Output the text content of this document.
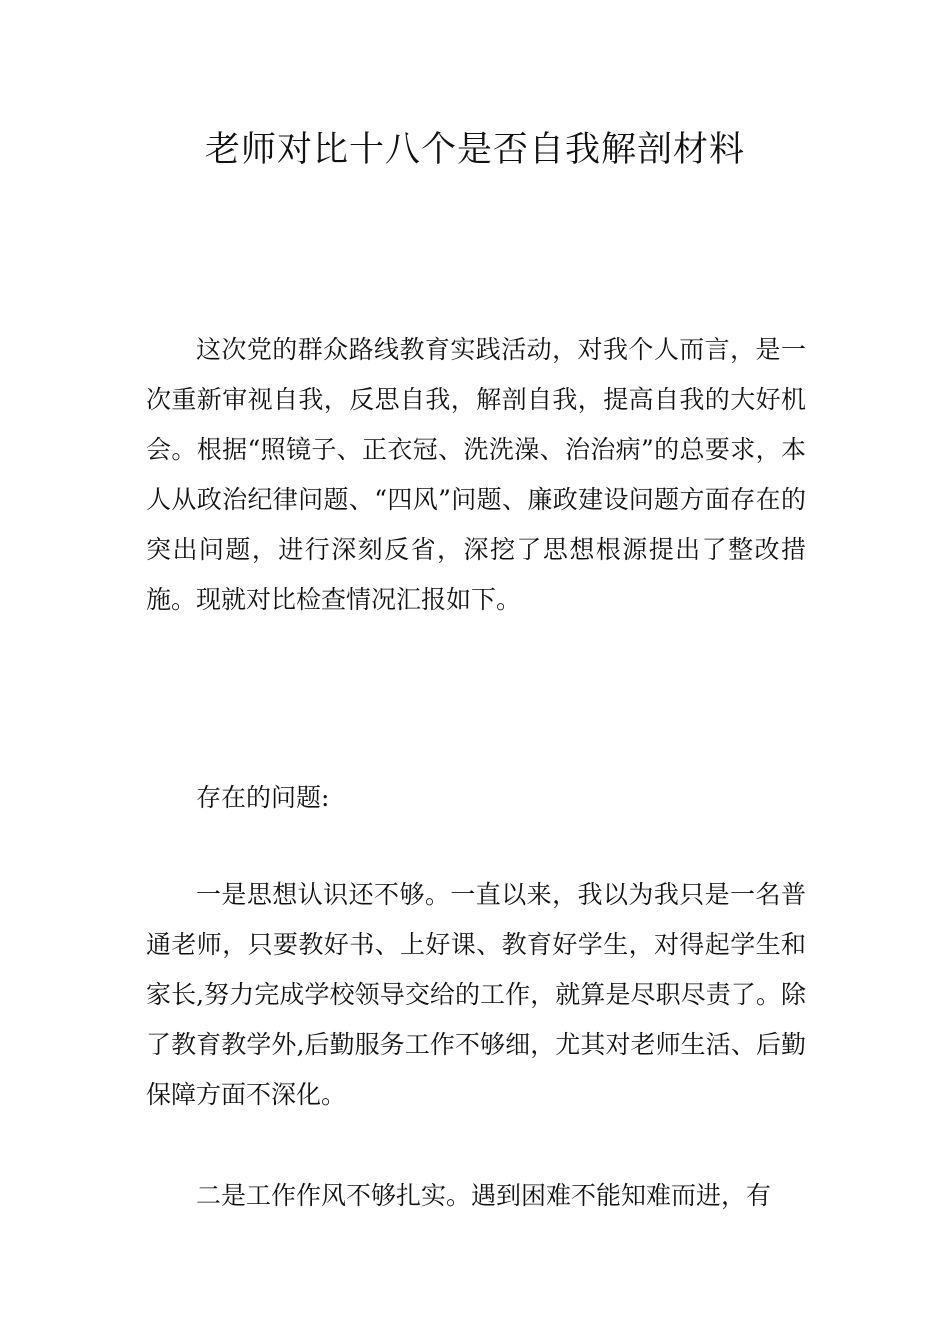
老师对比十八个是否自我解剖材料

这次党的群众路线教育实践活动，对我个人而言，是一次重新审视自我，反思自我，解剖自我，提高自我的大好机会。根据“照镜子、正衣冠、洗洗澡、治治病”的总要求，本人从政治纪律问题、“四风”问题、廉政建设问题方面存在的突出问题，进行深刻反省，深挖了思想根源提出了整改措施。现就对比检查情况汇报如下。

存在的问题:

一是思想认识还不够。一直以来，我以为我只是一名普通老师，只要教好书、上好课、教育好学生，对得起学生和家长,努力完成学校领导交给的工作，就算是尽职尽责了。除了教育教学外,后勤服务工作不够细，尤其对老师生活、后勤保障方面不深化。

二是工作作风不够扎实。遇到困难不能知难而进，有
